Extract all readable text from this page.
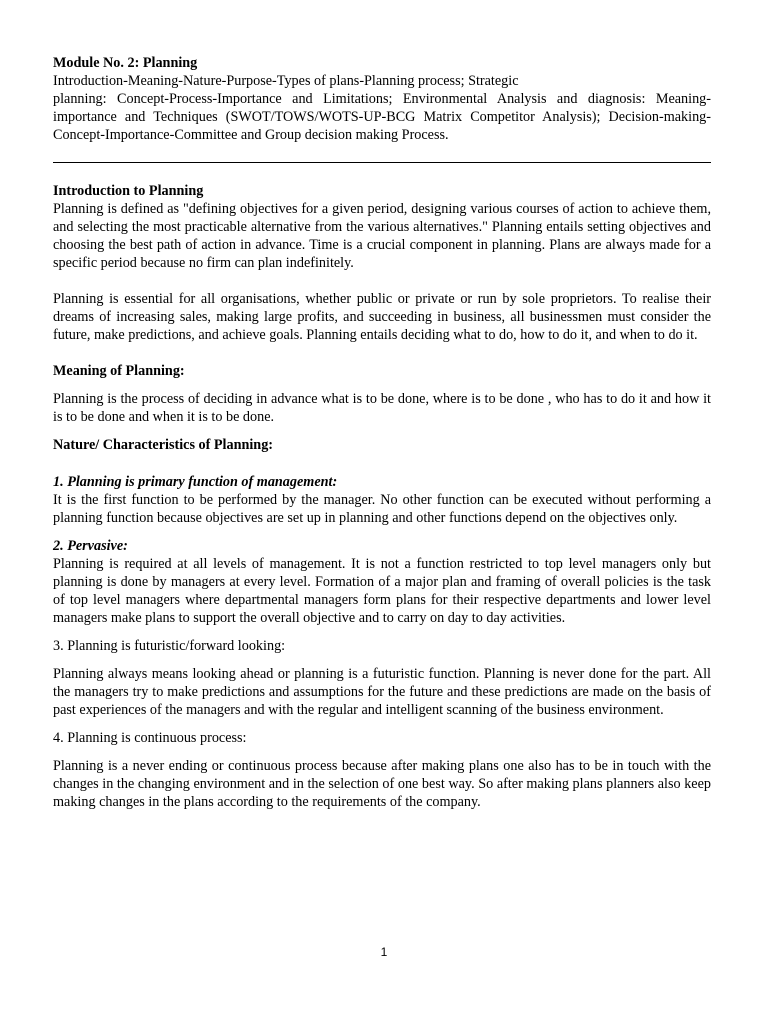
Module No. 2: Planning

Introduction-Meaning-Nature-Purpose-Types of plans-Planning process; Strategic

planning: Concept-Process-Importance and Limitations; Environmental Analysis and diagnosis: Meaning-importance and Techniques (SWOT/TOWS/WOTS-UP-BCG Matrix Competitor Analysis); Decision-making-Concept-Importance-Committee and Group decision making Process.

Introduction to Planning

Planning is defined as "defining objectives for a given period, designing various courses of action to achieve them, and selecting the most practicable alternative from the various alternatives." Planning entails setting objectives and choosing the best path of action in advance. Time is a crucial component in planning. Plans are always made for a specific period because no firm can plan indefinitely.

Planning is essential for all organisations, whether public or private or run by sole proprietors. To realise their dreams of increasing sales, making large profits, and succeeding in business, all businessmen must consider the future, make predictions, and achieve goals. Planning entails deciding what to do, how to do it, and when to do it.

Meaning of Planning:

Planning is the process of deciding in advance what is to be done, where is to be done , who has to do it and how it is to be done and when it is to be done.

Nature/ Characteristics of Planning:

1. Planning is primary function of management:

It is the first function to be performed by the manager. No other function can be executed without performing a planning function because objectives are set up in planning and other functions depend on the objectives only.

2. Pervasive:

Planning is required at all levels of management. It is not a function restricted to top level managers only but planning is done by managers at every level. Formation of a major plan and framing of overall policies is the task of top level managers where departmental managers form plans for their respective departments and lower level managers make plans to support the overall objective and to carry on day to day activities.

3. Planning is futuristic/forward looking:

Planning always means looking ahead or planning is a futuristic function. Planning is never done for the part. All the managers try to make predictions and assumptions for the future and these predictions are made on the basis of past experiences of the managers and with the regular and intelligent scanning of the business environment.

4. Planning is continuous process:

Planning is a never ending or continuous process because after making plans one also has to be in touch with the changes in the changing environment and in the selection of one best way. So after making plans planners also keep making changes in the plans according to the requirements of the company.

1
